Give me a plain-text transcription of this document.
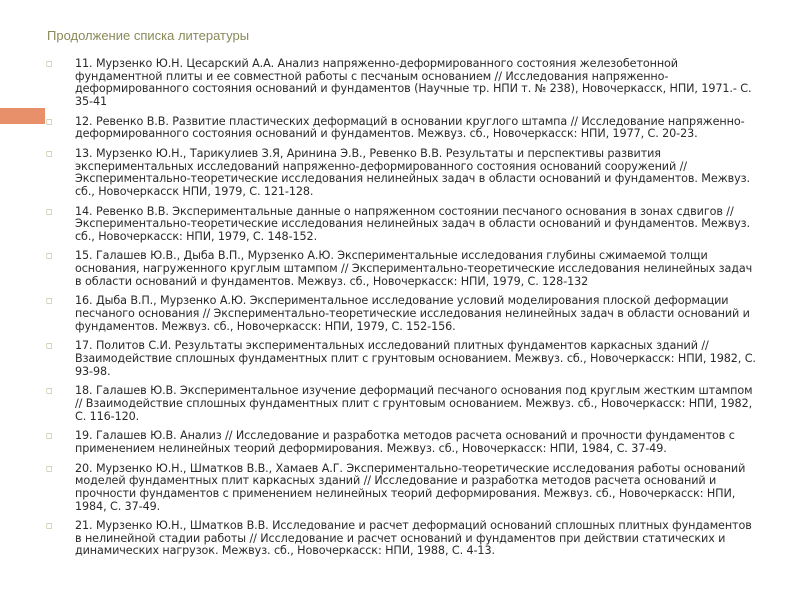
Продолжение списка литературы
◻ 11. Мурзенко Ю.Н. Цесарский А.А. Анализ напряженно-деформированного состояния железобетонной фундаментной плиты и ее совместной работы с песчаным основанием // Исследования напряженно-деформированного состояния оснований и фундаментов (Научные тр. НПИ т. № 238), Новочеркасск, НПИ, 1971.- С. 35-41
◻ 12. Ревенко В.В. Развитие пластических деформаций в основании круглого штампа // Исследование напряженно-деформированного состояния оснований и фундаментов. Межвуз. сб., Новочеркасск: НПИ, 1977, С. 20-23.
◻ 13. Мурзенко Ю.Н., Тарикулиев З.Я, Аринина Э.В., Ревенко В.В. Результаты и перспективы развития экспериментальных исследований напряженно-деформированного состояния оснований сооружений // Экспериментально-теоретические исследования нелинейных задач в области оснований и фундаментов. Межвуз. сб., Новочеркасск НПИ, 1979, С. 121-128.
◻ 14. Ревенко В.В. Экспериментальные данные о напряженном состоянии песчаного основания в зонах сдвигов // Экспериментально-теоретические исследования нелинейных задач в области оснований и фундаментов. Межвуз. сб., Новочеркасск: НПИ, 1979, С. 148-152.
◻ 15. Галашев Ю.В., Дыба В.П., Мурзенко А.Ю. Экспериментальные исследования глубины сжимаемой толщи основания, нагруженного круглым штампом // Экспериментально-теоретические исследования нелинейных задач в области оснований и фундаментов. Межвуз. сб., Новочеркасск: НПИ, 1979, С. 128-132
◻ 16. Дыба В.П., Мурзенко А.Ю. Экспериментальное исследование условий моделирования плоской деформации песчаного основания // Экспериментально-теоретические исследования нелинейных задач в области оснований и фундаментов. Межвуз. сб., Новочеркасск: НПИ, 1979, С. 152-156.
◻ 17. Политов С.И. Результаты экспериментальных исследований плитных фундаментов каркасных зданий // Взаимодействие сплошных фундаментных плит с грунтовым основанием. Межвуз. сб., Новочеркасск: НПИ, 1982, С. 93-98.
◻ 18. Галашев Ю.В. Экспериментальное изучение деформаций песчаного основания под круглым жестким штампом // Взаимодействие сплошных фундаментных плит с грунтовым основанием. Межвуз. сб., Новочеркасск: НПИ, 1982, С. 116-120.
◻ 19. Галашев Ю.В. Анализ // Исследование и разработка методов расчета оснований и прочности фундаментов с применением нелинейных теорий деформирования. Межвуз. сб., Новочеркасск: НПИ, 1984, С. 37-49.
◻ 20. Мурзенко Ю.Н., Шматков В.В., Хамаев А.Г. Экспериментально-теоретические исследования работы оснований моделей фундаментных плит каркасных зданий // Исследование и разработка методов расчета оснований и прочности фундаментов с применением нелинейных теорий деформирования. Межвуз. сб., Новочеркасск: НПИ, 1984, С. 37-49.
◻ 21. Мурзенко Ю.Н., Шматков В.В. Исследование и расчет деформаций оснований сплошных плитных фундаментов в нелинейной стадии работы // Исследование и расчет оснований и фундаментов при действии статических и динамических нагрузок. Межвуз. сб., Новочеркасск: НПИ, 1988, С. 4-13.
